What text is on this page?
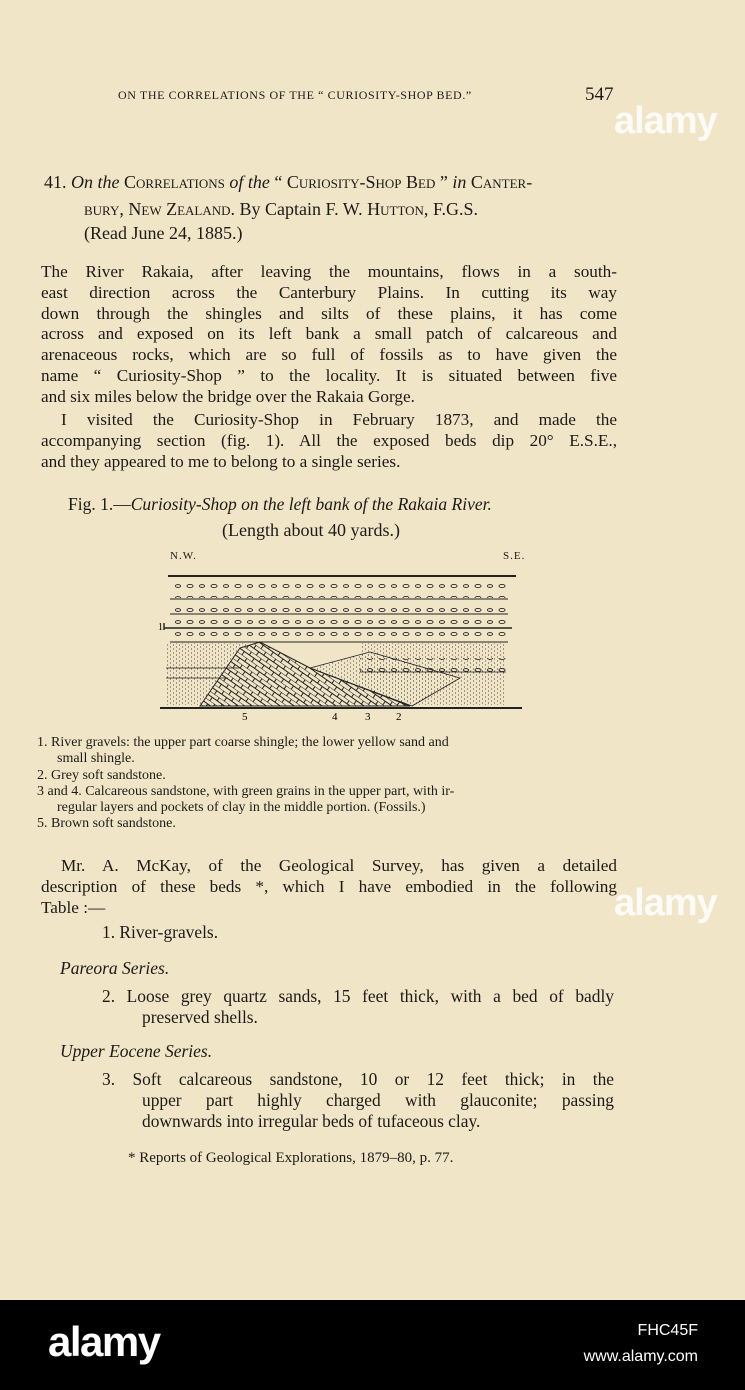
ON THE CORRELATIONS OF THE “ CURIOSITY-SHOP BED.”	547
41. On the Correlations of the “ Curiosity-Shop Bed ” in Canter-
bury, New Zealand. By Captain F. W. Hutton, F.G.S.
(Read June 24, 1885.)
The River Rakaia, after leaving the mountains, flows in a south-
east direction across the Canterbury Plains. In cutting its way
down through the shingles and silts of these plains, it has come
across and exposed on its left bank a small patch of calcareous and
arenaceous rocks, which are so full of fossils as to have given the
name “ Curiosity-Shop ” to the locality. It is situated between five
and six miles below the bridge over the Rakaia Gorge.
I visited the Curiosity-Shop in February 1873, and made the
accompanying section (fig. 1). All the exposed beds dip 20° E.S.E.,
and they appeared to me to belong to a single series.
Fig. 1.—Curiosity-Shop on the left bank of the Rakaia River.
(Length about 40 yards.)
N.W.	S.E.
5	4	3 2
1
1. River gravels: the upper part coarse shingle; the lower yellow sand and
small shingle.
2. Grey soft sandstone.
3 and 4. Calcareous sandstone, with green grains in the upper part, with ir-
regular layers and pockets of clay in the middle portion. (Fossils.)
5. Brown soft sandstone.
Mr. A. McKay, of the Geological Survey, has given a detailed
description of these beds *, which I have embodied in the following
Table :—
1. River-gravels.
Pareora Series.
2. Loose grey quartz sands, 15 feet thick, with a bed of badly
preserved shells.
Upper Eocene Series.
3. Soft calcareous sandstone, 10 or 12 feet thick; in the
upper part highly charged with glauconite; passing
downwards into irregular beds of tufaceous clay.
* Reports of Geological Explorations, 1879–80, p. 77.
alamy
alamy
alamy	FHC45F
www.alamy.com
